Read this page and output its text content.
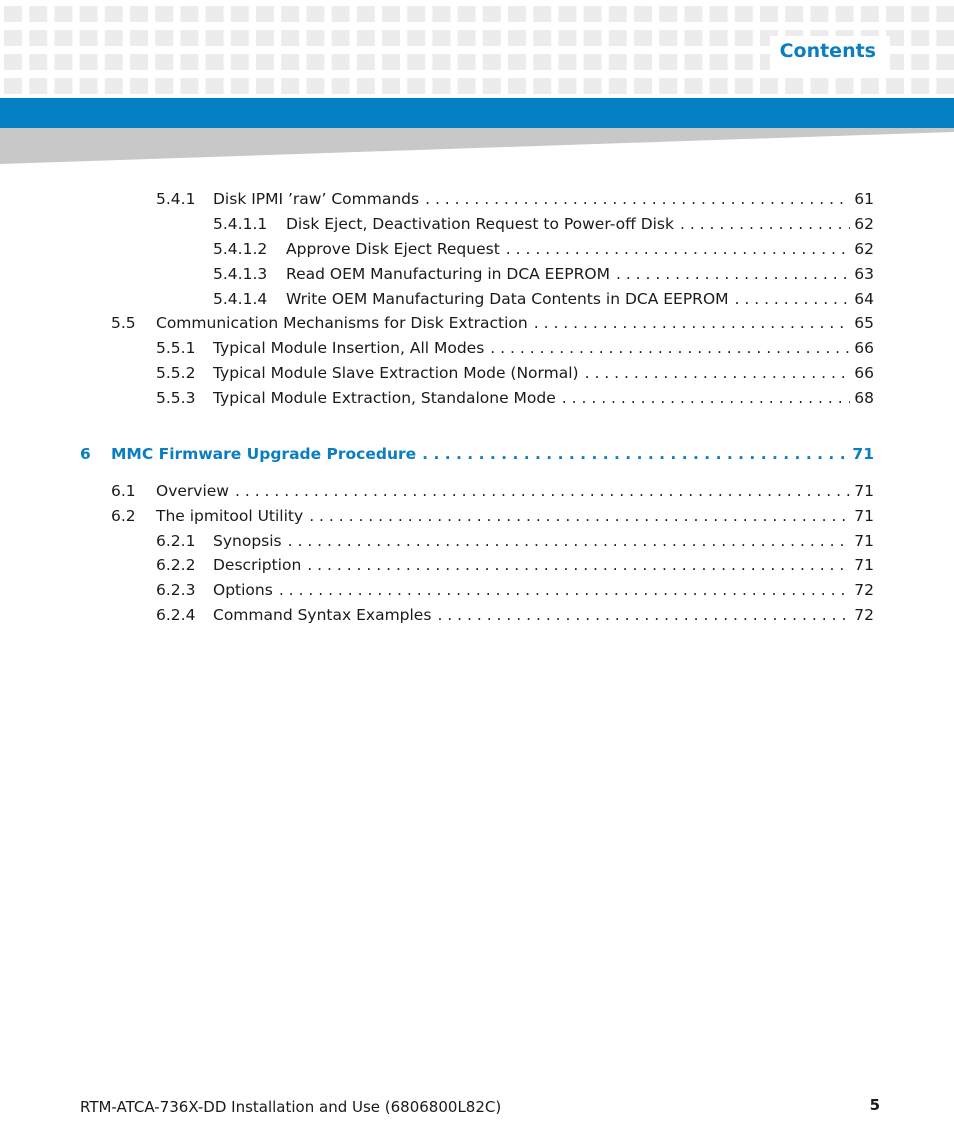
Contents
5.4.1	Disk IPMI ’raw’ Commands . . .	61
5.4.1.1	Disk Eject, Deactivation Request to Power-off Disk . . .	62
5.4.1.2	Approve Disk Eject Request . . .	62
5.4.1.3	Read OEM Manufacturing in DCA EEPROM . . .	63
5.4.1.4	Write OEM Manufacturing Data Contents in DCA EEPROM . . .	64
5.5	Communication Mechanisms for Disk Extraction . . .	65
5.5.1	Typical Module Insertion, All Modes . . .	66
5.5.2	Typical Module Slave Extraction Mode (Normal) . . .	66
5.5.3	Typical Module Extraction, Standalone Mode . . .	68
6	MMC Firmware Upgrade Procedure . . .	71
6.1	Overview . . .	71
6.2	The ipmitool Utility . . .	71
6.2.1	Synopsis . . .	71
6.2.2	Description . . .	71
6.2.3	Options . . .	72
6.2.4	Command Syntax Examples . . .	72
RTM-ATCA-736X-DD Installation and Use (6806800L82C)	5
